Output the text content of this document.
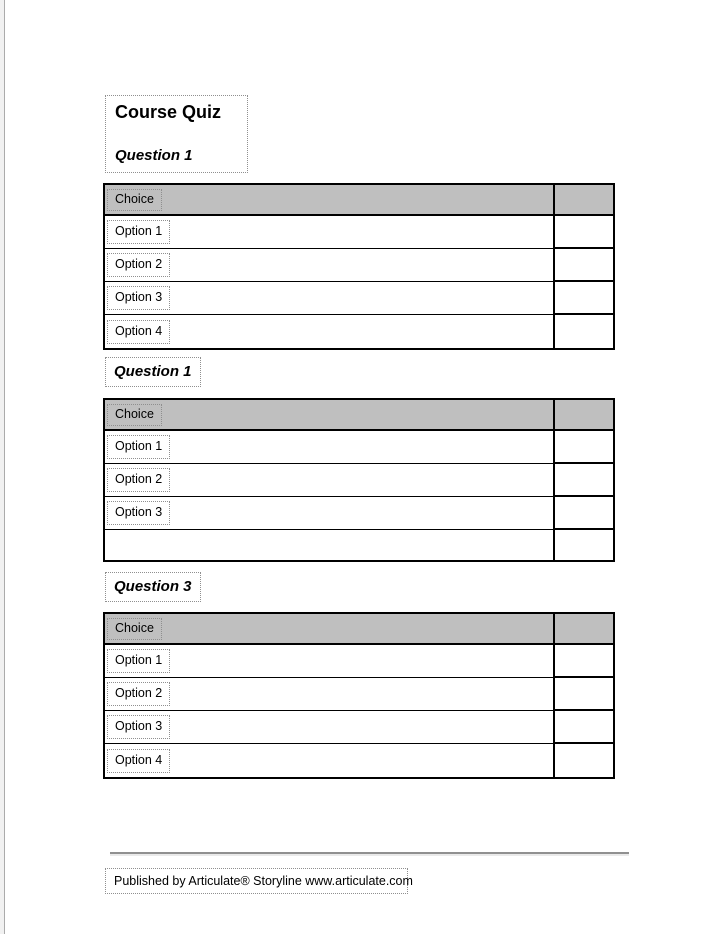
Course Quiz
Question 1
Choice
Option 1
Option 2
Option 3
Option 4
Question 1
Choice
Option 1
Option 2
Option 3
Question 3
Choice
Option 1
Option 2
Option 3
Option 4
Published by Articulate® Storyline www.articulate.com
